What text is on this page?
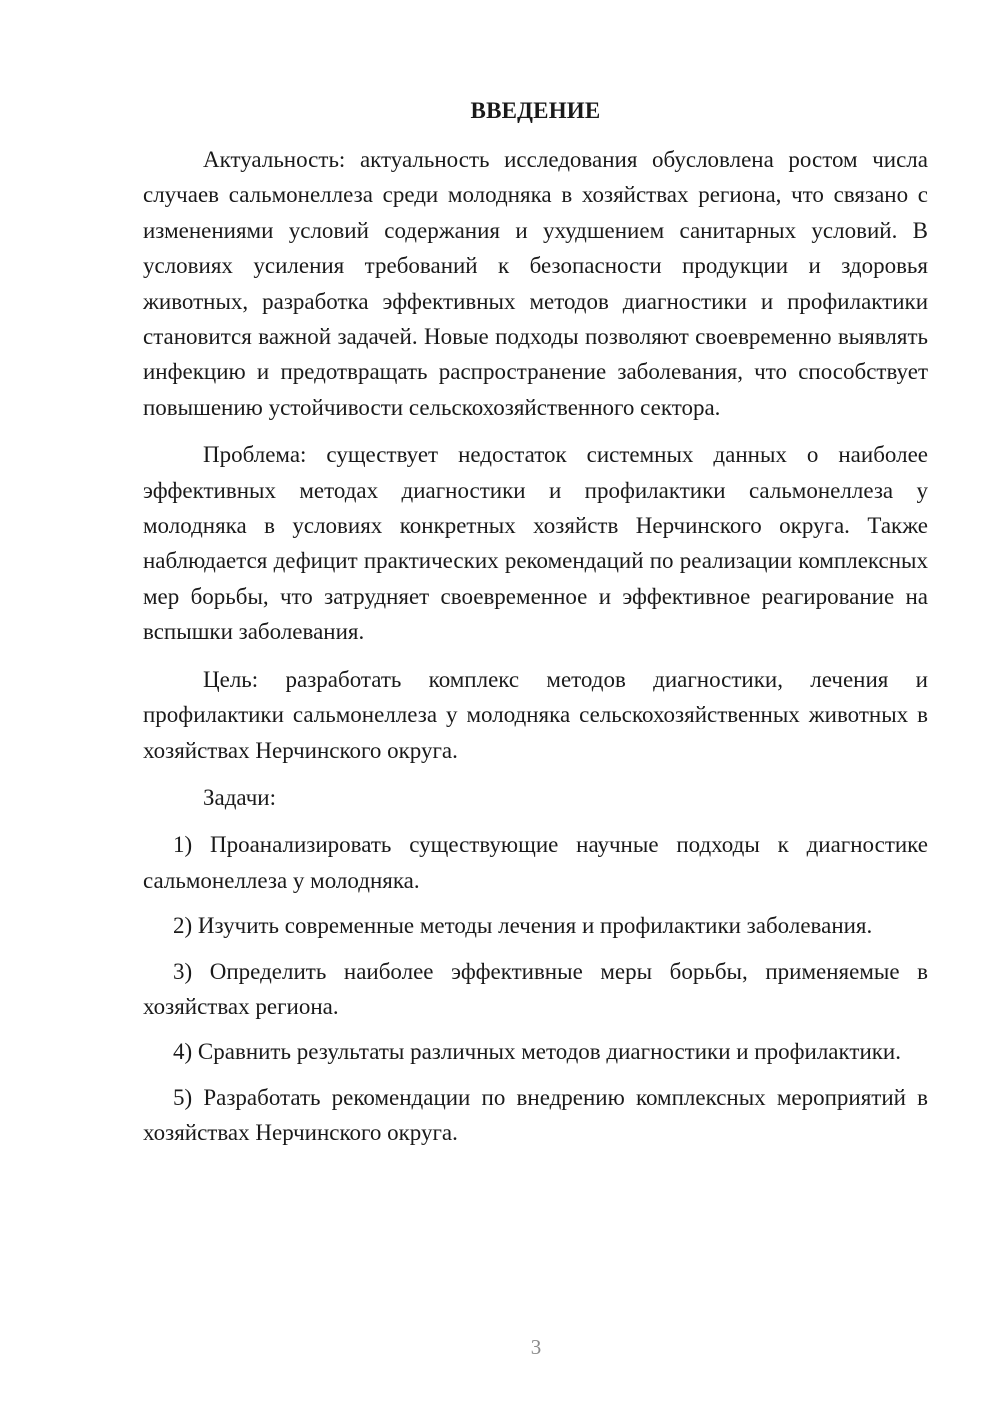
ВВЕДЕНИЕ

Актуальность: актуальность исследования обусловлена ростом числа случаев сальмонеллеза среди молодняка в хозяйствах региона, что связано с изменениями условий содержания и ухудшением санитарных условий. В условиях усиления требований к безопасности продукции и здоровья животных, разработка эффективных методов диагностики и профилактики становится важной задачей. Новые подходы позволяют своевременно выявлять инфекцию и предотвращать распространение заболевания, что способствует повышению устойчивости сельскохозяйственного сектора.

Проблема: существует недостаток системных данных о наиболее эффективных методах диагностики и профилактики сальмонеллеза у молодняка в условиях конкретных хозяйств Нерчинского округа. Также наблюдается дефицит практических рекомендаций по реализации комплексных мер борьбы, что затрудняет своевременное и эффективное реагирование на вспышки заболевания.

Цель: разработать комплекс методов диагностики, лечения и профилактики сальмонеллеза у молодняка сельскохозяйственных животных в хозяйствах Нерчинского округа.

Задачи:

1) Проанализировать существующие научные подходы к диагностике сальмонеллеза у молодняка.

2) Изучить современные методы лечения и профилактики заболевания.

3) Определить наиболее эффективные меры борьбы, применяемые в хозяйствах региона.

4) Сравнить результаты различных методов диагностики и профилактики.

5) Разработать рекомендации по внедрению комплексных мероприятий в хозяйствах Нерчинского округа.

3
